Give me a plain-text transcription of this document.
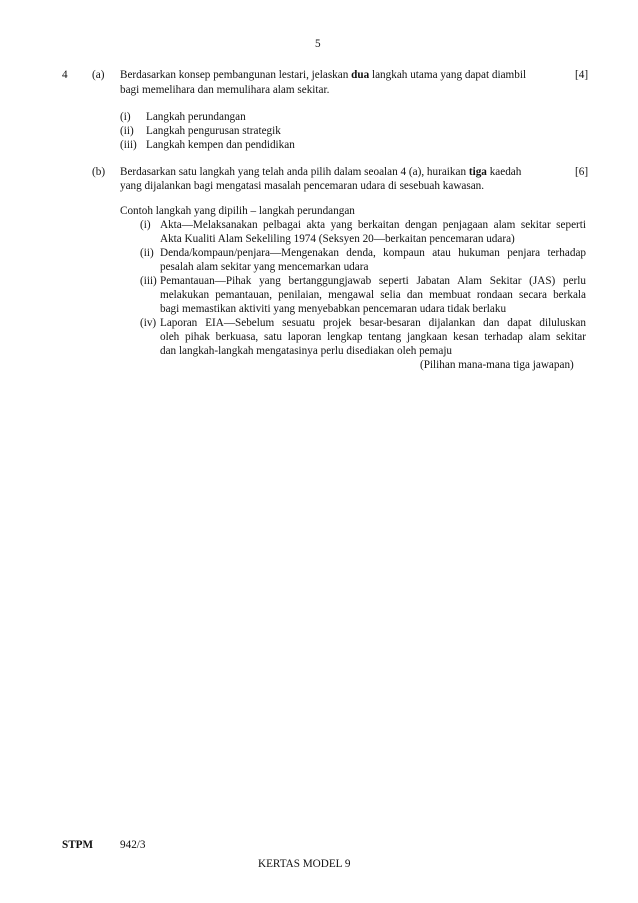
5
4 (a) Berdasarkan konsep pembangunan lestari, jelaskan dua langkah utama yang dapat diambil	[4]
bagi memelihara dan memulihara alam sekitar.
(i) Langkah perundangan
(ii) Langkah pengurusan strategik
(iii) Langkah kempen dan pendidikan
(b) Berdasarkan satu langkah yang telah anda pilih dalam seoalan 4 (a), huraikan tiga kaedah	[6]
yang dijalankan bagi mengatasi masalah pencemaran udara di sesebuah kawasan.
Contoh langkah yang dipilih – langkah perundangan
(i) Akta—Melaksanakan pelbagai akta yang berkaitan dengan penjagaan alam sekitar seperti
Akta Kualiti Alam Sekeliling 1974 (Seksyen 20—berkaitan pencemaran udara)
(ii) Denda/kompaun/penjara—Mengenakan denda, kompaun atau hukuman penjara terhadap
pesalah alam sekitar yang mencemarkan udara
(iii) Pemantauan—Pihak yang bertanggungjawab seperti Jabatan Alam Sekitar (JAS) perlu
melakukan pemantauan, penilaian, mengawal selia dan membuat rondaan secara berkala
bagi memastikan aktiviti yang menyebabkan pencemaran udara tidak berlaku
(iv) Laporan EIA—Sebelum sesuatu projek besar-besaran dijalankan dan dapat diluluskan
oleh pihak berkuasa, satu laporan lengkap tentang jangkaan kesan terhadap alam sekitar
dan langkah-langkah mengatasinya perlu disediakan oleh pemaju
(Pilihan mana-mana tiga jawapan)
STPM 942/3
KERTAS MODEL 9
